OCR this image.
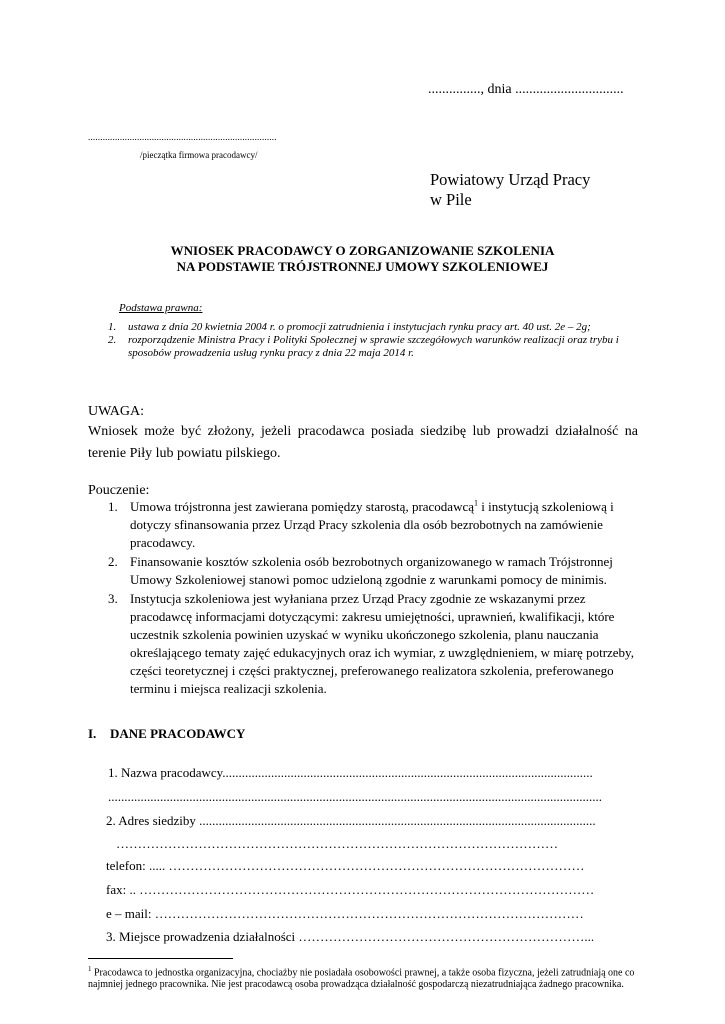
..............., dnia ...............................
.............................................................................
/pieczątka firmowa pracodawcy/
Powiatowy Urząd Pracy
w Pile
WNIOSEK PRACODAWCY O ZORGANIZOWANIE SZKOLENIA
NA PODSTAWIE TRÓJSTRONNEJ UMOWY SZKOLENIOWEJ
Podstawa prawna:
1.	ustawa z dnia 20 kwietnia 2004 r. o promocji zatrudnienia i instytucjach rynku pracy art. 40 ust. 2e – 2g;
2.	rozporządzenie Ministra Pracy i Polityki Społecznej w sprawie szczegółowych warunków realizacji oraz trybu i sposobów prowadzenia usług rynku pracy z dnia 22 maja 2014 r.
UWAGA:
Wniosek może być złożony, jeżeli pracodawca posiada siedzibę lub prowadzi działalność na terenie Piły lub powiatu pilskiego.
Pouczenie:
1. Umowa trójstronna jest zawierana pomiędzy starostą, pracodawcą$^1$ i instytucją szkoleniową i dotyczy sfinansowania przez Urząd Pracy szkolenia dla osób bezrobotnych na zamówienie pracodawcy.
2. Finansowanie kosztów szkolenia osób bezrobotnych organizowanego w ramach Trójstronnej Umowy Szkoleniowej stanowi pomoc udzieloną zgodnie z warunkami pomocy de minimis.
3. Instytucja szkoleniowa jest wyłaniana przez Urząd Pracy zgodnie ze wskazanymi przez pracodawcę informacjami dotyczącymi: zakresu umiejętności, uprawnień, kwalifikacji, które uczestnik szkolenia powinien uzyskać w wyniku ukończonego szkolenia, planu nauczania określającego tematy zajęć edukacyjnych oraz ich wymiar, z uwzględnieniem, w miarę potrzeby, części teoretycznej i części praktycznej, preferowanego realizatora szkolenia, preferowanego terminu i miejsca realizacji szkolenia.
I. DANE PRACODAWCY
1. Nazwa pracodawcy..................................................................................................................
........................................................................................................................................................
2. Adres siedziby ..........................................................................................................................
…………………………………………………………………………………………
telefon: ..... ……………………………………………………………………………………
fax: .. ……………………………………………………………………………………………
e – mail: ………………………………………………………………………………………
3. Miejsce prowadzenia działalności …………………………………………………………...
$^1$ Pracodawca to jednostka organizacyjna, chociażby nie posiadała osobowości prawnej, a także osoba fizyczna, jeżeli zatrudniają one co najmniej jednego pracownika. Nie jest pracodawcą osoba prowadząca działalność gospodarczą niezatrudniająca żadnego pracownika.
